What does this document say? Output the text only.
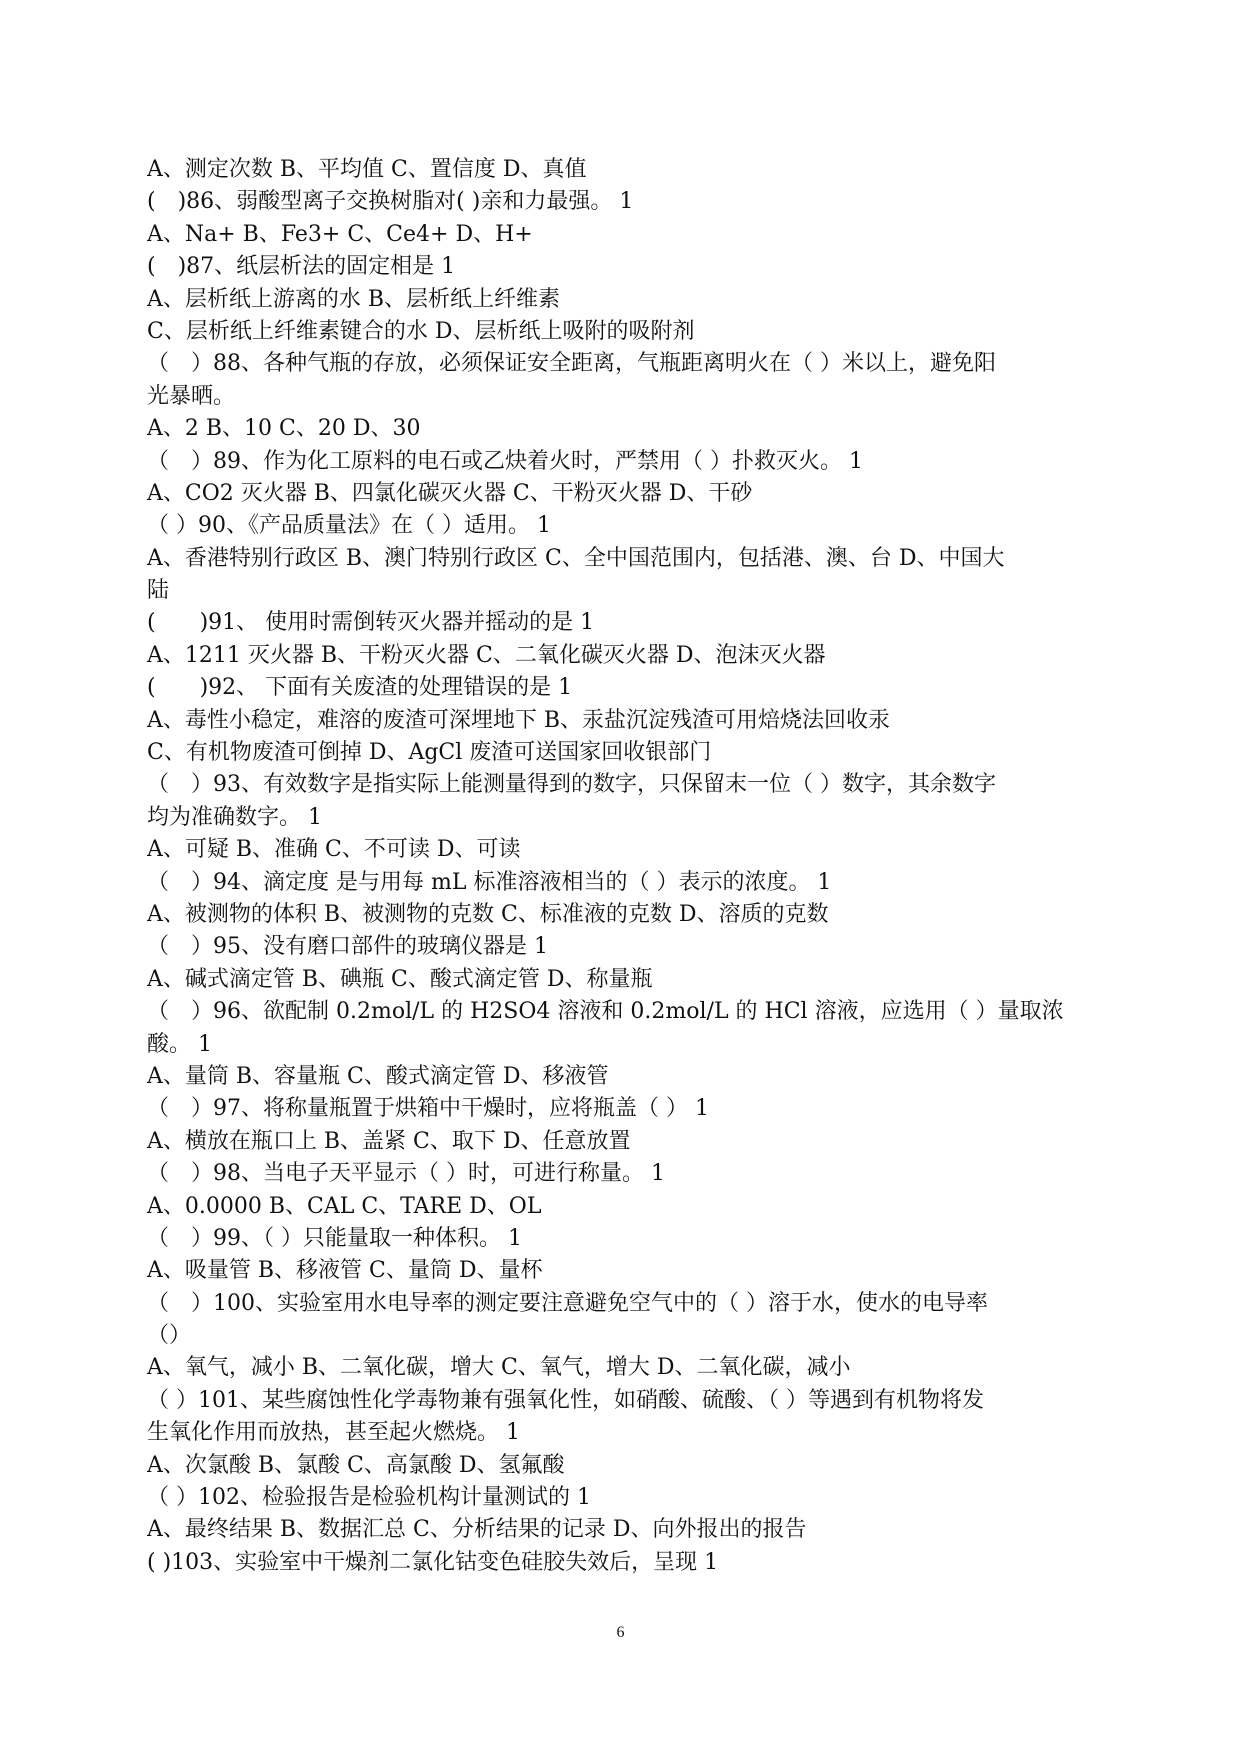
A、测定次数 B、平均值 C、置信度 D、真值
(　)86、弱酸型离子交换树脂对( )亲和力最强。 1
A、Na+ B、Fe3+ C、Ce4+ D、H+
(　)87、纸层析法的固定相是 1
A、层析纸上游离的水 B、层析纸上纤维素
C、层析纸上纤维素键合的水 D、层析纸上吸附的吸附剂
（　）88、各种气瓶的存放，必须保证安全距离，气瓶距离明火在（ ）米以上，避免阳
光暴晒。
A、2 B、10 C、20 D、30
（　）89、作为化工原料的电石或乙炔着火时，严禁用（ ）扑救灭火。 1
A、CO2 灭火器 B、四氯化碳灭火器 C、干粉灭火器 D、干砂
（ ）90、《产品质量法》在（ ）适用。 1
A、香港特别行政区 B、澳门特别行政区 C、全中国范围内，包括港、澳、台 D、中国大
陆
(　　)91、 使用时需倒转灭火器并摇动的是 1
A、1211 灭火器 B、干粉灭火器 C、二氧化碳灭火器 D、泡沫灭火器
(　　)92、 下面有关废渣的处理错误的是 1
A、毒性小稳定，难溶的废渣可深埋地下 B、汞盐沉淀残渣可用焙烧法回收汞
C、有机物废渣可倒掉 D、AgCl 废渣可送国家回收银部门
（　）93、有效数字是指实际上能测量得到的数字，只保留末一位（ ）数字，其余数字
均为准确数字。 1
A、可疑 B、准确 C、不可读 D、可读
（　）94、滴定度 是与用每 mL 标准溶液相当的（ ）表示的浓度。 1
A、被测物的体积 B、被测物的克数 C、标准液的克数 D、溶质的克数
（　）95、没有磨口部件的玻璃仪器是 1
A、碱式滴定管 B、碘瓶 C、酸式滴定管 D、称量瓶
（　）96、欲配制 0.2mol/L 的 H2SO4 溶液和 0.2mol/L 的 HCl 溶液，应选用（ ）量取浓
酸。 1
A、量筒 B、容量瓶 C、酸式滴定管 D、移液管
（　）97、将称量瓶置于烘箱中干燥时，应将瓶盖（ ） 1
A、横放在瓶口上 B、盖紧 C、取下 D、任意放置
（　）98、当电子天平显示（ ）时，可进行称量。 1
A、0.0000 B、CAL C、TARE D、OL
（　）99、（ ）只能量取一种体积。 1
A、吸量管 B、移液管 C、量筒 D、量杯
（　）100、实验室用水电导率的测定要注意避免空气中的（ ）溶于水，使水的电导率
（）
A、氧气，减小 B、二氧化碳，增大 C、氧气，增大 D、二氧化碳，减小
（ ）101、某些腐蚀性化学毒物兼有强氧化性，如硝酸、硫酸、（ ）等遇到有机物将发
生氧化作用而放热，甚至起火燃烧。 1
A、次氯酸 B、氯酸 C、高氯酸 D、氢氟酸
（ ）102、检验报告是检验机构计量测试的 1
A、最终结果 B、数据汇总 C、分析结果的记录 D、向外报出的报告
( )103、实验室中干燥剂二氯化钴变色硅胶失效后，呈现 1
6
